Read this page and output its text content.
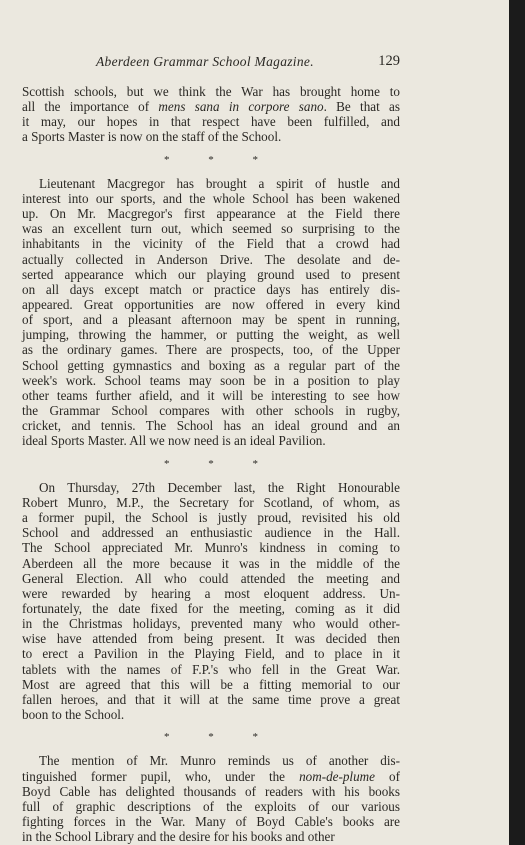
Aberdeen Grammar School Magazine.	129
Scottish schools, but we think the War has brought home to
all the importance of mens sana in corpore sano. Be that as
it may, our hopes in that respect have been fulfilled, and
a Sports Master is now on the staff of the School.
* * *
Lieutenant Macgregor has brought a spirit of hustle and
interest into our sports, and the whole School has been wakened
up. On Mr. Macgregor's first appearance at the Field there
was an excellent turn out, which seemed so surprising to the
inhabitants in the vicinity of the Field that a crowd had
actually collected in Anderson Drive. The desolate and de-
serted appearance which our playing ground used to present
on all days except match or practice days has entirely dis-
appeared. Great opportunities are now offered in every kind
of sport, and a pleasant afternoon may be spent in running,
jumping, throwing the hammer, or putting the weight, as well
as the ordinary games. There are prospects, too, of the Upper
School getting gymnastics and boxing as a regular part of the
week's work. School teams may soon be in a position to play
other teams further afield, and it will be interesting to see how
the Grammar School compares with other schools in rugby,
cricket, and tennis. The School has an ideal ground and an
ideal Sports Master. All we now need is an ideal Pavilion.
* * *
On Thursday, 27th December last, the Right Honourable
Robert Munro, M.P., the Secretary for Scotland, of whom, as
a former pupil, the School is justly proud, revisited his old
School and addressed an enthusiastic audience in the Hall.
The School appreciated Mr. Munro's kindness in coming to
Aberdeen all the more because it was in the middle of the
General Election. All who could attended the meeting and
were rewarded by hearing a most eloquent address. Un-
fortunately, the date fixed for the meeting, coming as it did
in the Christmas holidays, prevented many who would other-
wise have attended from being present. It was decided then
to erect a Pavilion in the Playing Field, and to place in it
tablets with the names of F.P.'s who fell in the Great War.
Most are agreed that this will be a fitting memorial to our
fallen heroes, and that it will at the same time prove a great
boon to the School.
* * *
The mention of Mr. Munro reminds us of another dis-
tinguished former pupil, who, under the nom-de-plume of
Boyd Cable has delighted thousands of readers with his books
full of graphic descriptions of the exploits of our various
fighting forces in the War. Many of Boyd Cable's books are
in the School Library and the desire for his books and other
